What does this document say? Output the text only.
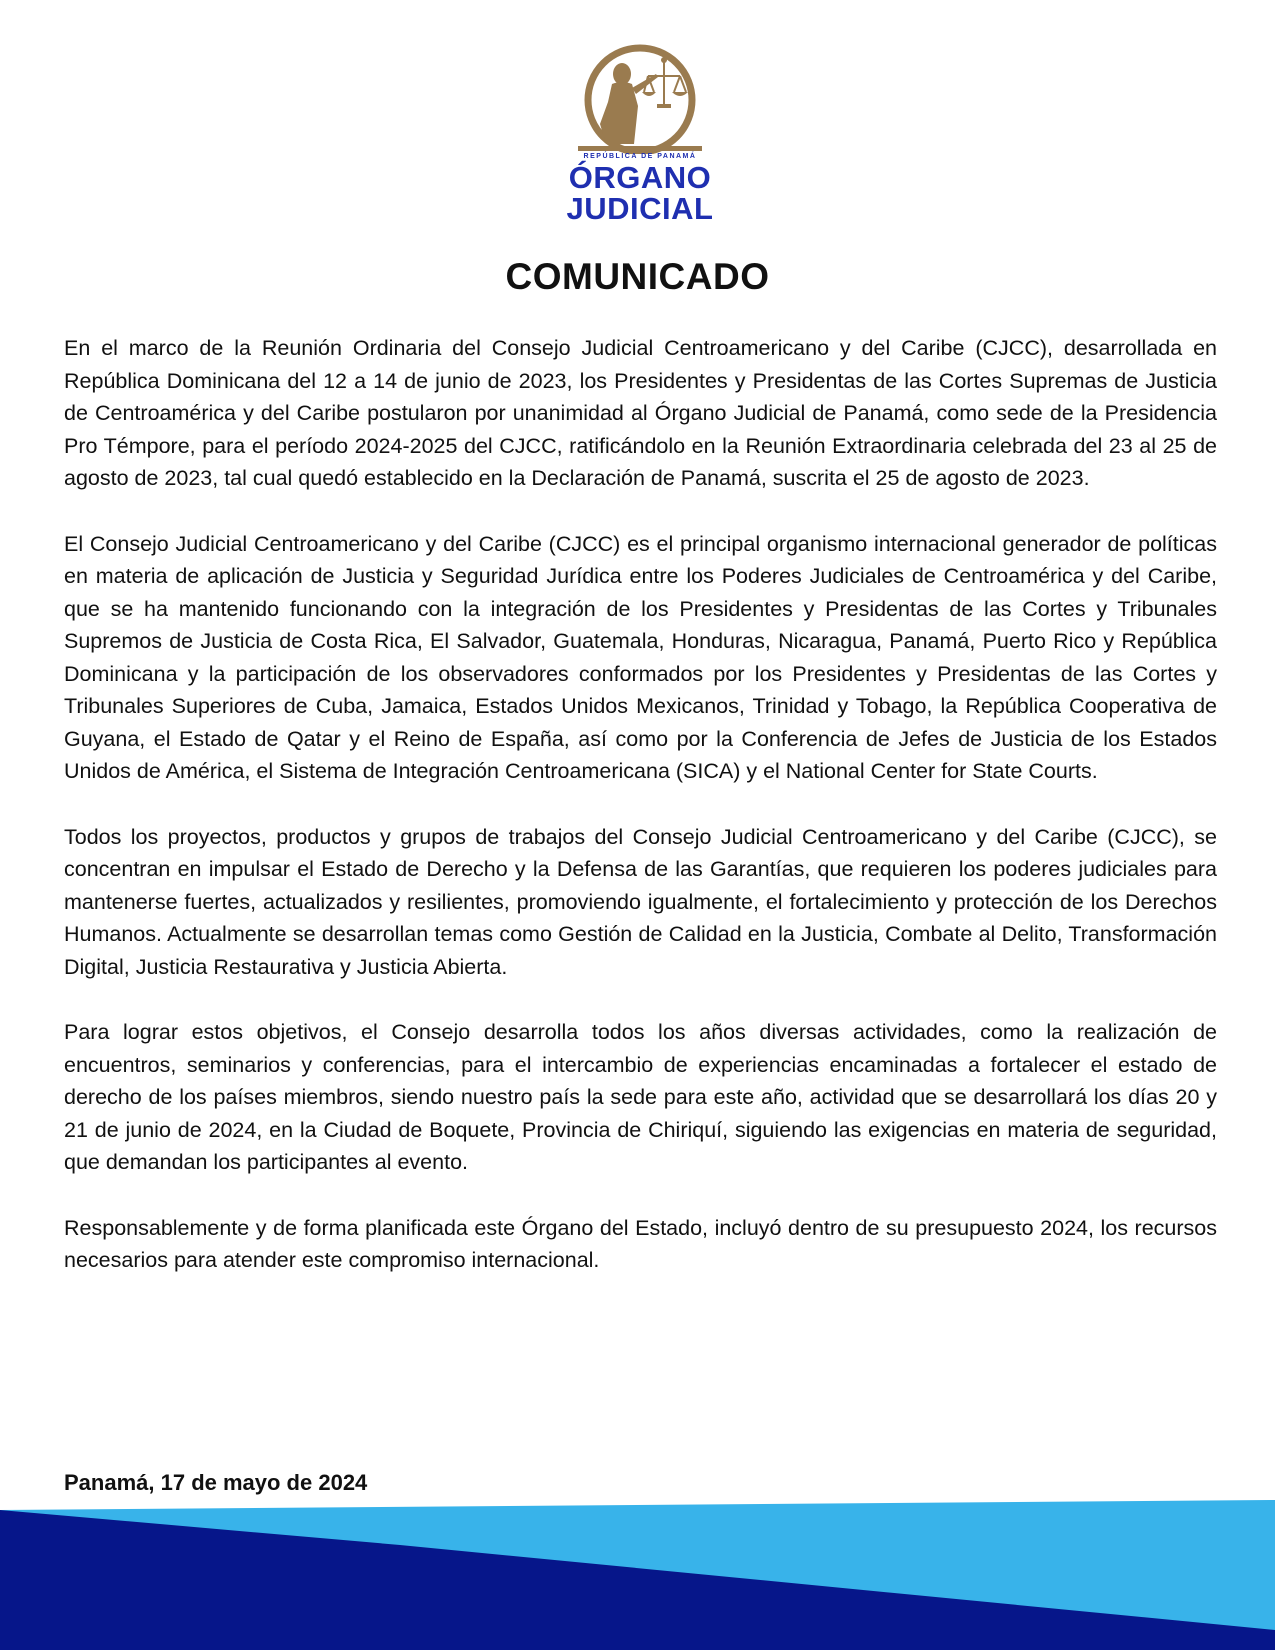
REPÚBLICA DE PANAMÁ
ÓRGANO
JUDICIAL
COMUNICADO

En el marco de la Reunión Ordinaria del Consejo Judicial Centroamericano y del Caribe (CJCC), desarrollada en República Dominicana del 12 a 14 de junio de 2023, los Presidentes y Presidentas de las Cortes Supremas de Justicia de Centroamérica y del Caribe postularon por unanimidad al Órgano Judicial de Panamá, como sede de la Presidencia Pro Témpore, para el período 2024-2025 del CJCC, ratificándolo en la Reunión Extraordinaria celebrada del 23 al 25 de agosto de 2023, tal cual quedó establecido en la Declaración de Panamá, suscrita el 25 de agosto de 2023.

El Consejo Judicial Centroamericano y del Caribe (CJCC) es el principal organismo internacional generador de políticas en materia de aplicación de Justicia y Seguridad Jurídica entre los Poderes Judiciales de Centroamérica y del Caribe, que se ha mantenido funcionando con la integración de los Presidentes y Presidentas de las Cortes y Tribunales Supremos de Justicia de Costa Rica, El Salvador, Guatemala, Honduras, Nicaragua, Panamá, Puerto Rico y República Dominicana y la participación de los observadores conformados por los Presidentes y Presidentas de las Cortes y Tribunales Superiores de Cuba, Jamaica, Estados Unidos Mexicanos, Trinidad y Tobago, la República Cooperativa de Guyana, el Estado de Qatar y el Reino de España, así como por la Conferencia de Jefes de Justicia de los Estados Unidos de América, el Sistema de Integración Centroamericana (SICA) y el National Center for State Courts.

Todos los proyectos, productos y grupos de trabajos del Consejo Judicial Centroamericano y del Caribe (CJCC), se concentran en impulsar el Estado de Derecho y la Defensa de las Garantías, que requieren los poderes judiciales para mantenerse fuertes, actualizados y resilientes, promoviendo igualmente, el fortalecimiento y protección de los Derechos Humanos. Actualmente se desarrollan temas como Gestión de Calidad en la Justicia, Combate al Delito, Transformación Digital, Justicia Restaurativa y Justicia Abierta.

Para lograr estos objetivos, el Consejo desarrolla todos los años diversas actividades, como la realización de encuentros, seminarios y conferencias, para el intercambio de experiencias encaminadas a fortalecer el estado de derecho de los países miembros, siendo nuestro país la sede para este año, actividad que se desarrollará los días 20 y 21 de junio de 2024, en la Ciudad de Boquete, Provincia de Chiriquí, siguiendo las exigencias en materia de seguridad, que demandan los participantes al evento.

Responsablemente y de forma planificada este Órgano del Estado, incluyó dentro de su presupuesto 2024, los recursos necesarios para atender este compromiso internacional.

Panamá, 17 de mayo de 2024
